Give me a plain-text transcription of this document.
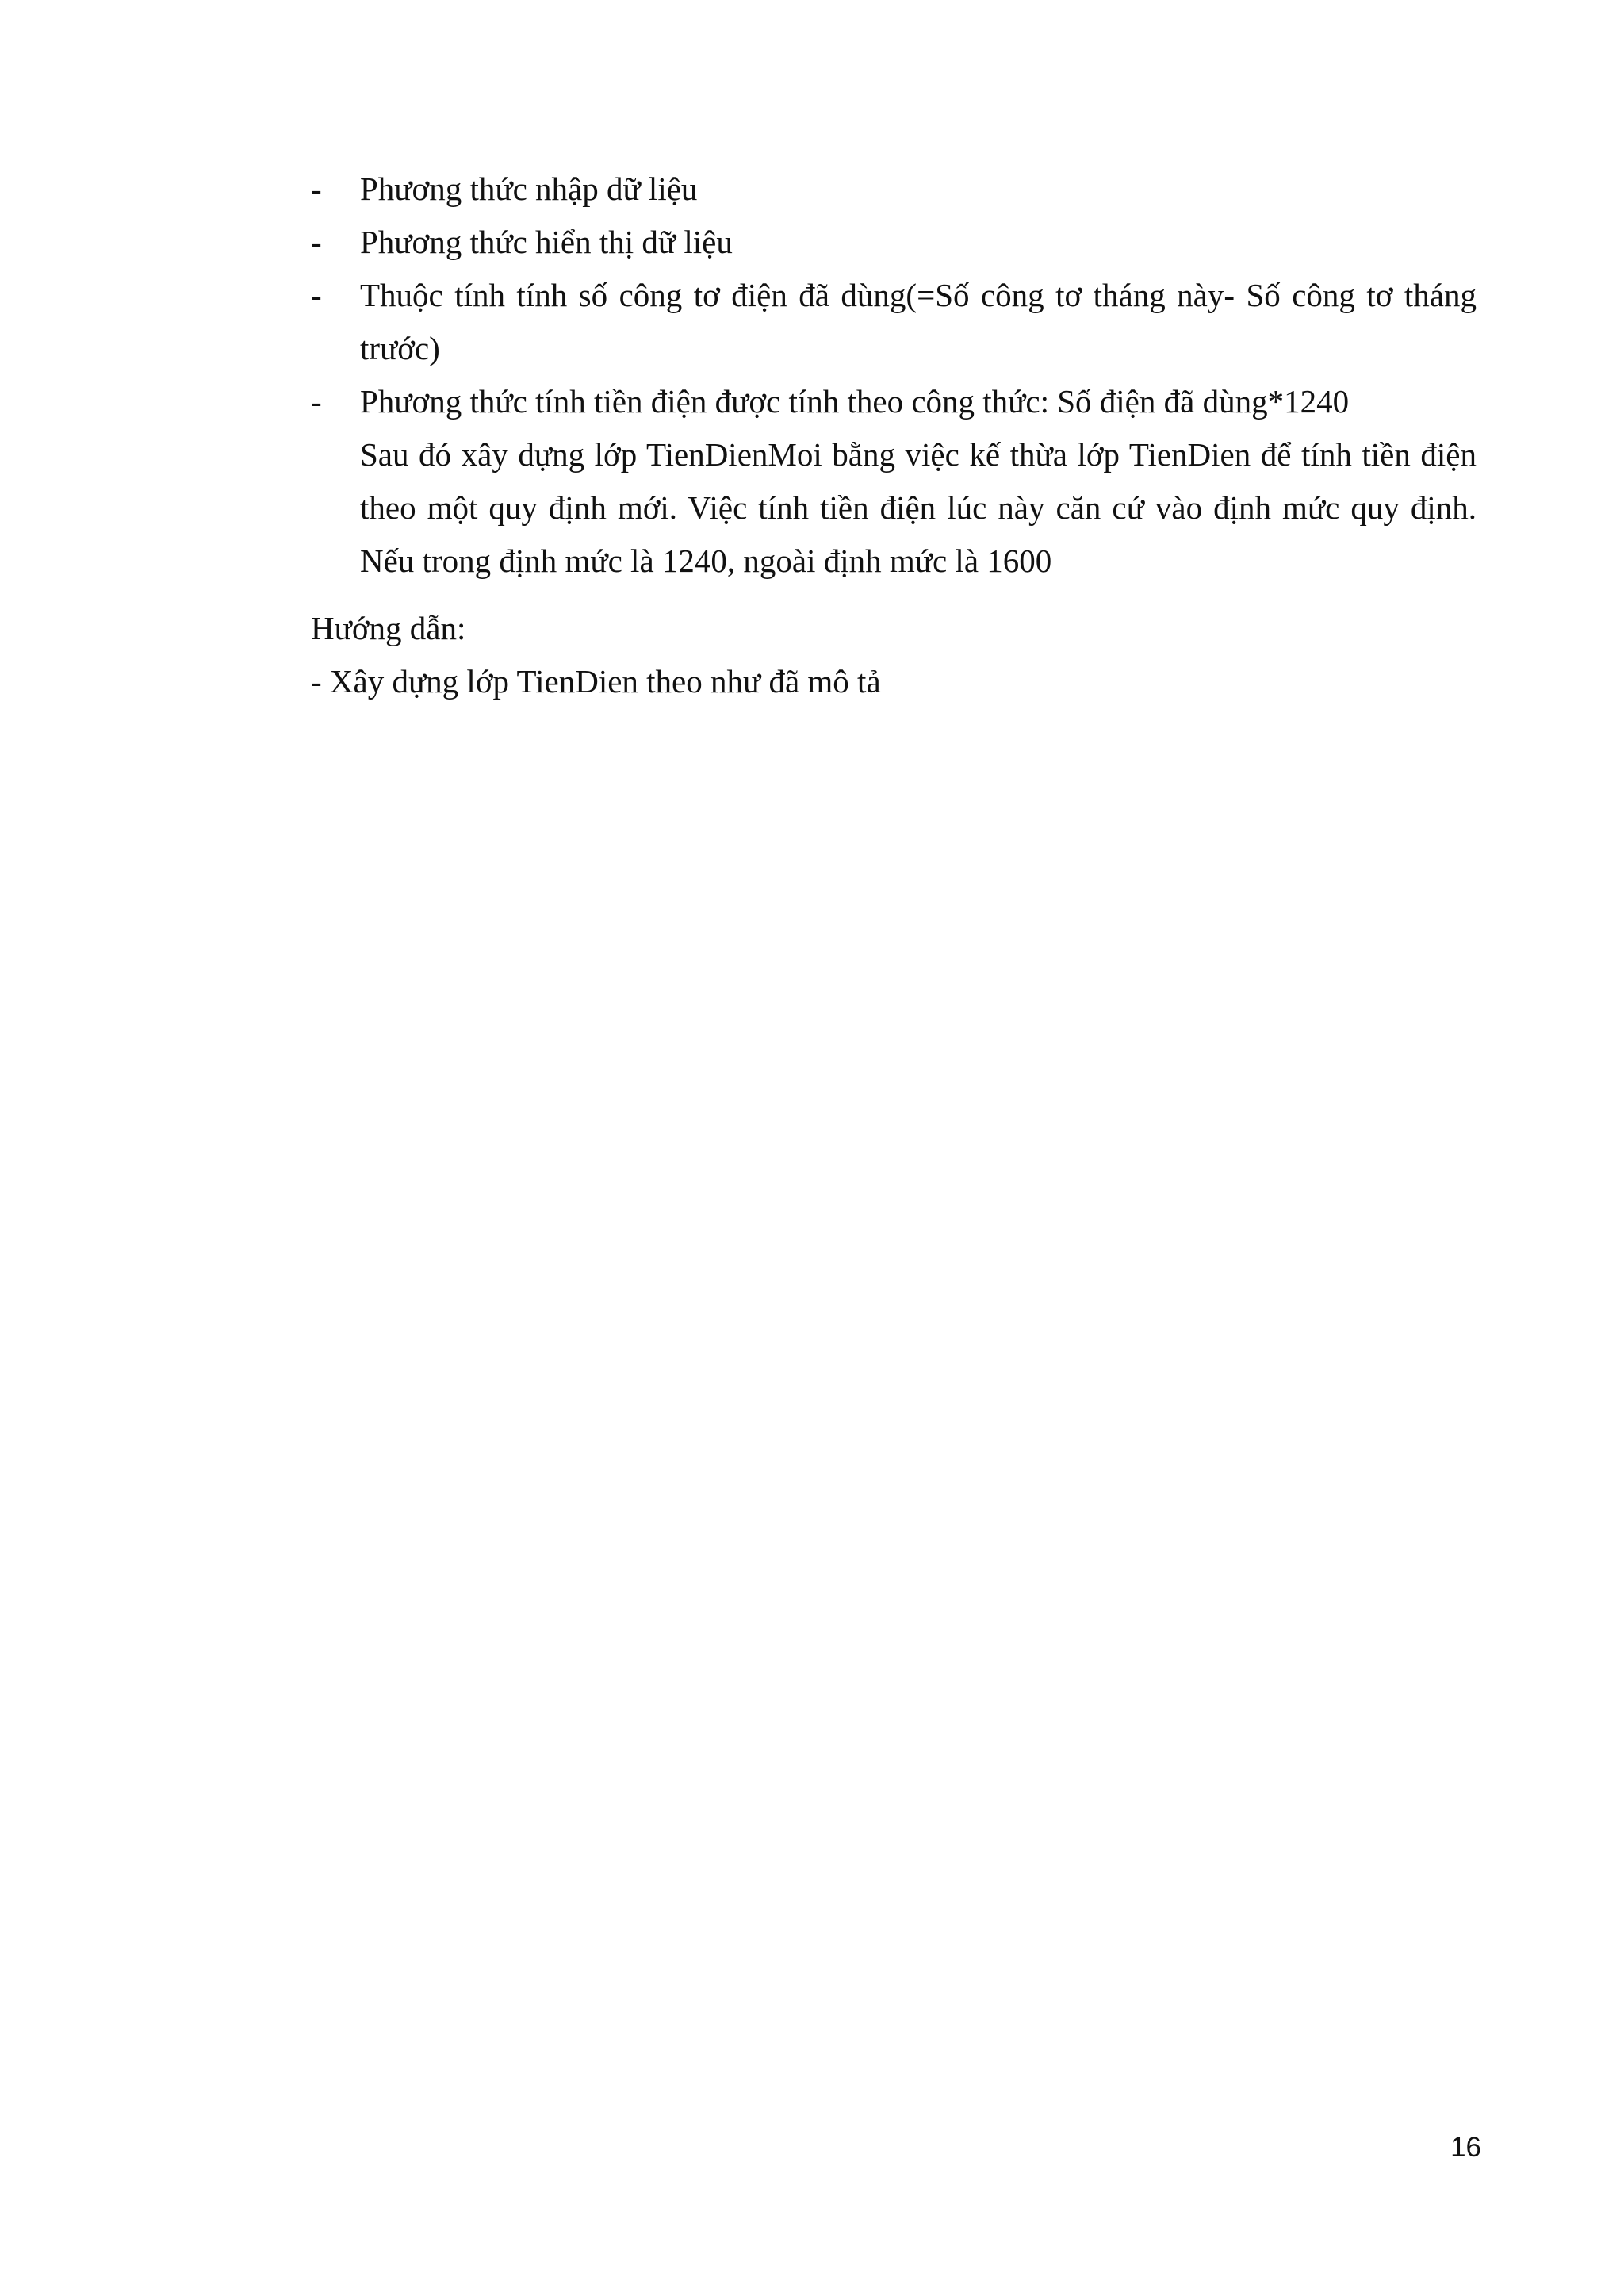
- Phương thức nhập dữ liệu
- Phương thức hiển thị dữ liệu
- Thuộc tính tính số công tơ điện đã dùng(=Số công tơ tháng này- Số công tơ tháng trước)
- Phương thức tính tiền điện được tính theo công thức: Số điện đã dùng*1240
Sau đó xây dựng lớp TienDienMoi bằng việc kế thừa lớp TienDien để tính tiền điện theo một quy định mới. Việc tính tiền điện lúc này căn cứ vào định mức quy định. Nếu trong định mức là 1240, ngoài định mức là 1600
Hướng dẫn:
- Xây dựng lớp TienDien theo như đã mô tả
16
